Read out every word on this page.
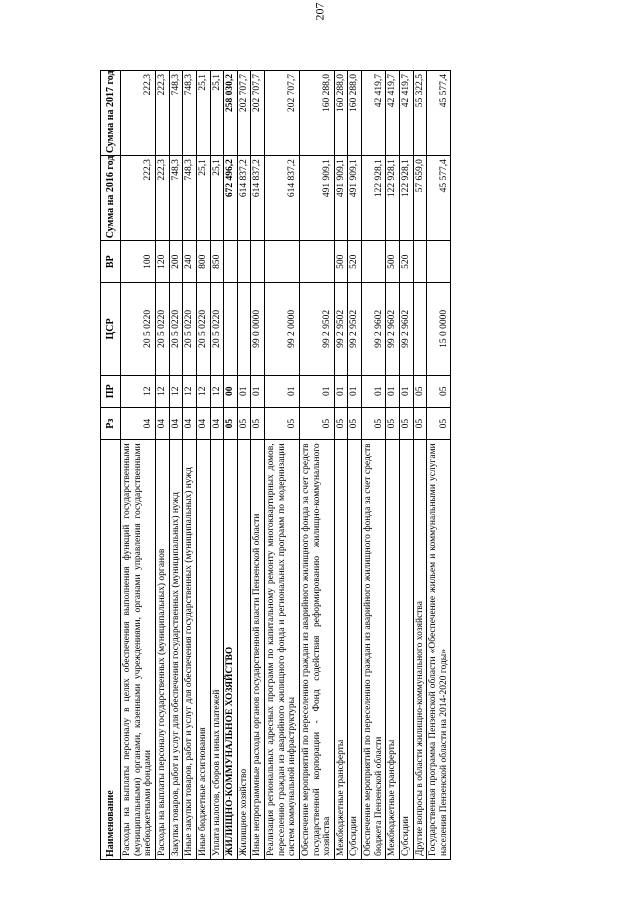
207
Наименование	Рз	ПР	ЦСР	ВР	Сумма на 2016 год	Сумма на 2017 год
Расходы на выплаты персоналу в целях обеспечения выполнения функций государственными (муниципальными) органами, казенными учреждениями, органами управления государственными внебюджетными фондами	04	12	20 5 0220	100	222,3	222,3
Расходы на выплаты персоналу государственных (муниципальных) органов	04	12	20 5 0220	120	222,3	222,3
Закупка товаров, работ и услуг для обеспечения государственных (муниципальных) нужд	04	12	20 5 0220	200	748,3	748,3
Иные закупки товаров, работ и услуг для обеспечения государственных (муниципальных) нужд	04	12	20 5 0220	240	748,3	748,3
Иные бюджетные ассигнования	04	12	20 5 0220	800	25,1	25,1
Уплата налогов, сборов и иных платежей	04	12	20 5 0220	850	25,1	25,1
ЖИЛИЩНО-КОММУНАЛЬНОЕ ХОЗЯЙСТВО	05	00			672 496,2	258 030,2
Жилищное хозяйство	05	01			614 837,2	202 707,7
Иные непрограммные расходы органов государственной власти Пензенской области	05	01	99 0 0000		614 837,2	202 707,7
Реализация региональных адресных программ по капитальному ремонту многоквартирных домов, переселению граждан из аварийного жилищного фонда и региональных программ по модернизации систем коммунальной инфраструктуры	05	01	99 2 0000		614 837,2	202 707,7
Обеспечение мероприятий по переселению граждан из аварийного жилищного фонда за счет средств государственной корпорации - Фонд содействия реформированию жилищно-коммунального хозяйства	05	01	99 2 9502		491 909,1	160 288,0
Межбюджетные трансферты	05	01	99 2 9502	500	491 909,1	160 288,0
Субсидии	05	01	99 2 9502	520	491 909,1	160 288,0
Обеспечение мероприятий по переселению граждан из аварийного жилищного фонда за счет средств бюджета Пензенской области	05	01	99 2 9602		122 928,1	42 419,7
Межбюджетные трансферты	05	01	99 2 9602	500	122 928,1	42 419,7
Субсидии	05	01	99 2 9602	520	122 928,1	42 419,7
Другие вопросы в области жилищно-коммунального хозяйства	05	05			57 659,0	55 322,5
Государственная программа Пензенской области «Обеспечение жильем и коммунальными услугами населения Пензенской области на 2014-2020 годы»	05	05	15 0 0000		45 577,4	45 577,4
